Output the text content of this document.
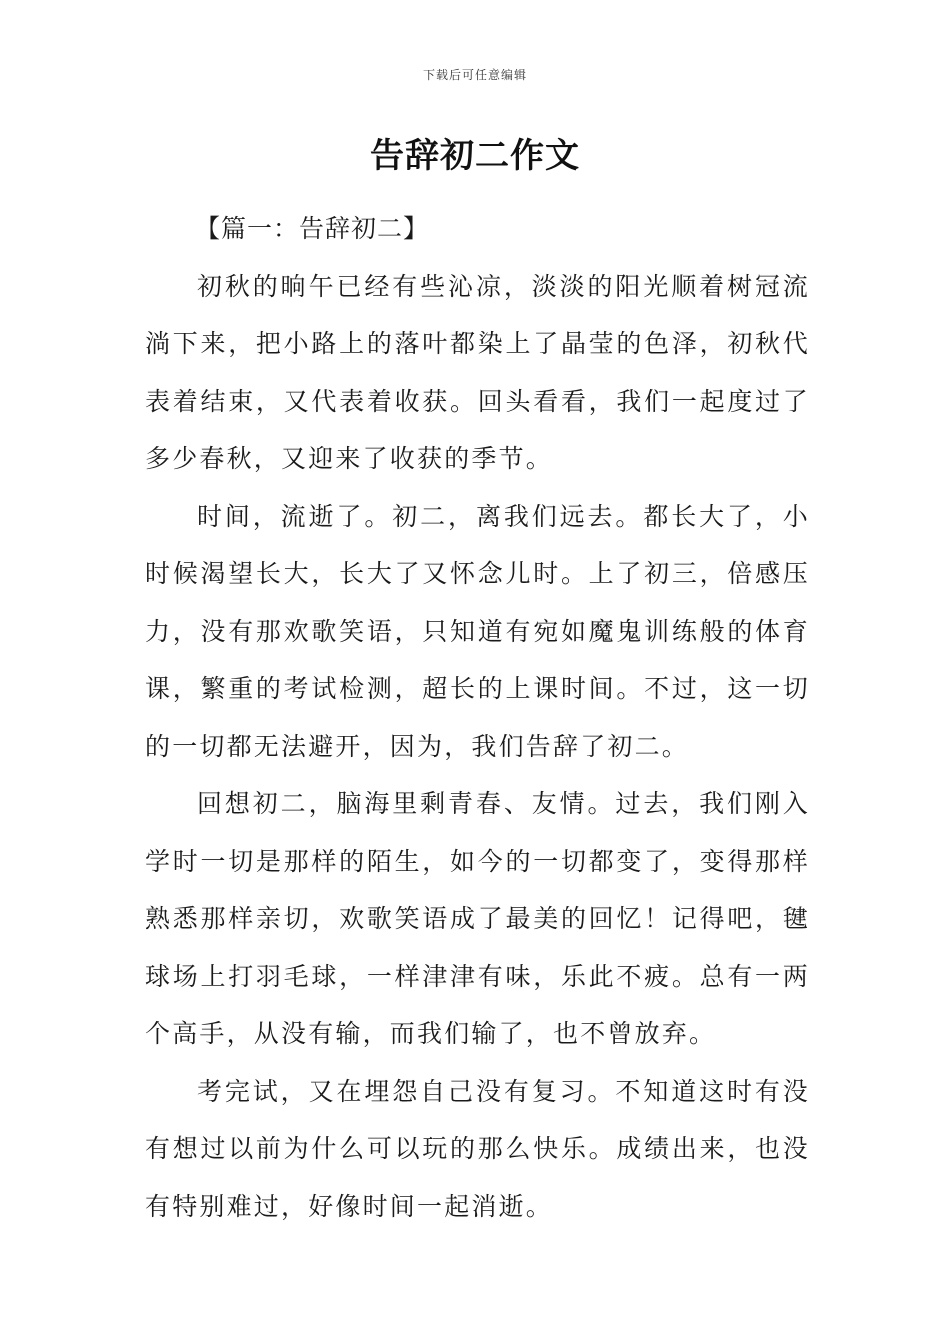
下载后可任意编辑
告辞初二作文

【篇一：告辞初二】

初秋的晌午已经有些沁凉，淡淡的阳光顺着树冠流淌下来，把小路上的落叶都染上了晶莹的色泽，初秋代表着结束，又代表着收获。回头看看，我们一起度过了多少春秋，又迎来了收获的季节。

时间，流逝了。初二，离我们远去。都长大了，小时候渴望长大，长大了又怀念儿时。上了初三，倍感压力，没有那欢歌笑语，只知道有宛如魔鬼训练般的体育课，繁重的考试检测，超长的上课时间。不过，这一切的一切都无法避开，因为，我们告辞了初二。

回想初二，脑海里剩青春、友情。过去，我们刚入学时一切是那样的陌生，如今的一切都变了，变得那样熟悉那样亲切，欢歌笑语成了最美的回忆！记得吧，毽球场上打羽毛球，一样津津有味，乐此不疲。总有一两个高手，从没有输，而我们输了，也不曾放弃。

考完试，又在埋怨自己没有复习。不知道这时有没有想过以前为什么可以玩的那么快乐。成绩出来，也没有特别难过，好像时间一起消逝。
